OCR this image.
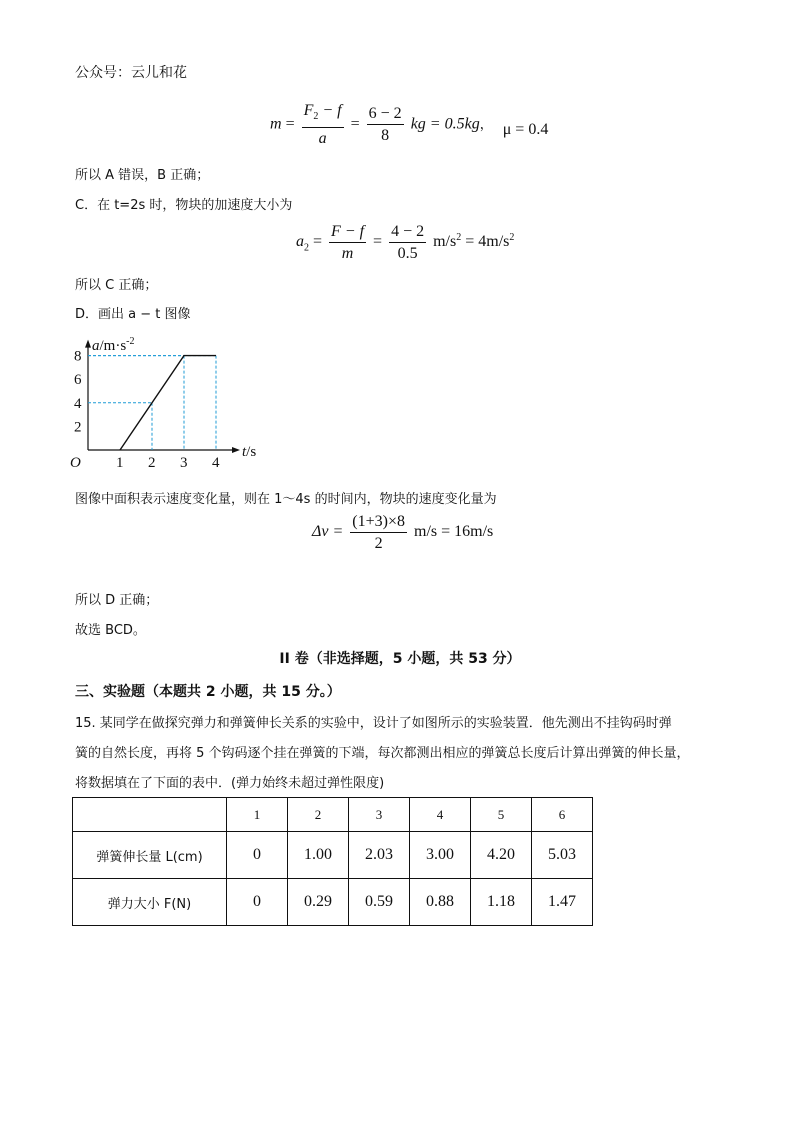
公众号：云儿和花
$m = \frac{F_2 - f}{a} = \frac{6 - 2}{8}$ kg = 0.5kg， μ = 0.4
所以 A 错误，B 正确；
C．在 t=2s 时，物块的加速度大小为
$a_2 = \frac{F - f}{m} = \frac{4 - 2}{0.5} m/s^2 = 4m/s^2$
所以 C 正确；
D．画出 a − t 图像
8
6
4
2
1 2 3 4
O
$a/m\cdot s^{-2}$
t/s
图像中面积表示速度变化量，则在 1～4s 的时间内，物块的速度变化量为
$\Delta v = \frac{(1+3)\times 8}{2} m/s = 16m/s$
所以 D 正确；
故选 BCD。
II 卷（非选择题，5 小题，共 53 分）
三、实验题（本题共 2 小题，共 15 分。）
15. 某同学在做探究弹力和弹簧伸长关系的实验中，设计了如图所示的实验装置．他先测出不挂钩码时弹
簧的自然长度，再将 5 个钩码逐个挂在弹簧的下端，每次都测出相应的弹簧总长度后计算出弹簧的伸长量，
将数据填在了下面的表中．(弹力始终未超过弹性限度)
	1	2	3	4	5	6
弹簧伸长量 L(cm)	0	1.00	2.03	3.00	4.20	5.03
弹力大小 F(N)	0	0.29	0.59	0.88	1.18	1.47
